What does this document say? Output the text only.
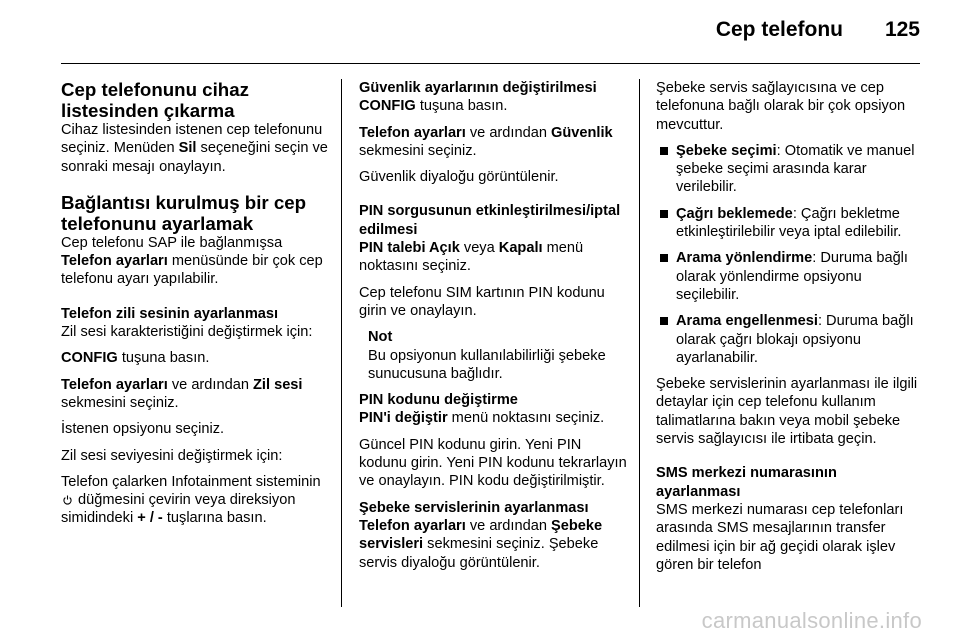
Cep telefonu 125
Cep telefonunu cihaz listesinden çıkarma

Cihaz listesinden istenen cep telefonunu seçiniz. Menüden Sil seçeneğini seçin ve sonraki mesajı onaylayın.

Bağlantısı kurulmuş bir cep telefonunu ayarlamak

Cep telefonu SAP ile bağlanmışsa Telefon ayarları menüsünde bir çok cep telefonu ayarı yapılabilir.

Telefon zili sesinin ayarlanması

Zil sesi karakteristiğini değiştirmek için:

CONFIG tuşuna basın.

Telefon ayarları ve ardından Zil sesi sekmesini seçiniz.

İstenen opsiyonu seçiniz.

Zil sesi seviyesini değiştirmek için:

Telefon çalarken Infotainment sisteminin  düğmesini çevirin veya direksiyon simidindeki + / - tuşlarına basın.

Güvenlik ayarlarının değiştirilmesi

CONFIG tuşuna basın.

Telefon ayarları ve ardından Güvenlik sekmesini seçiniz.

Güvenlik diyaloğu görüntülenir.

PIN sorgusunun etkinleştirilmesi/iptal edilmesi

PIN talebi Açık veya Kapalı menü noktasını seçiniz.

Cep telefonu SIM kartının PIN kodunu girin ve onaylayın.

Not
Bu opsiyonun kullanılabilirliği şebeke sunucusuna bağlıdır.
PIN kodunu değiştirme

PIN'i değiştir menü noktasını seçiniz.

Güncel PIN kodunu girin. Yeni PIN kodunu girin. Yeni PIN kodunu tekrarlayın ve onaylayın. PIN kodu değiştirilmiştir.

Şebeke servislerinin ayarlanması

Telefon ayarları ve ardından Şebeke servisleri sekmesini seçiniz. Şebeke servis diyaloğu görüntülenir.

Şebeke servis sağlayıcısına ve cep telefonuna bağlı olarak bir çok opsiyon mevcuttur.

Şebeke seçimi: Otomatik ve manuel şebeke seçimi arasında karar verilebilir.
Çağrı beklemede: Çağrı bekletme etkinleştirilebilir veya iptal edilebilir.
Arama yönlendirme: Duruma bağlı olarak yönlendirme opsiyonu seçilebilir.
Arama engellenmesi: Duruma bağlı olarak çağrı blokajı opsiyonu ayarlanabilir.

Şebeke servislerinin ayarlanması ile ilgili detaylar için cep telefonu kullanım talimatlarına bakın veya mobil şebeke servis sağlayıcısı ile irtibata geçin.

SMS merkezi numarasının ayarlanması

SMS merkezi numarası cep telefonları arasında SMS mesajlarının transfer edilmesi için bir ağ geçidi olarak işlev gören bir telefon

carmanualsonline.info
